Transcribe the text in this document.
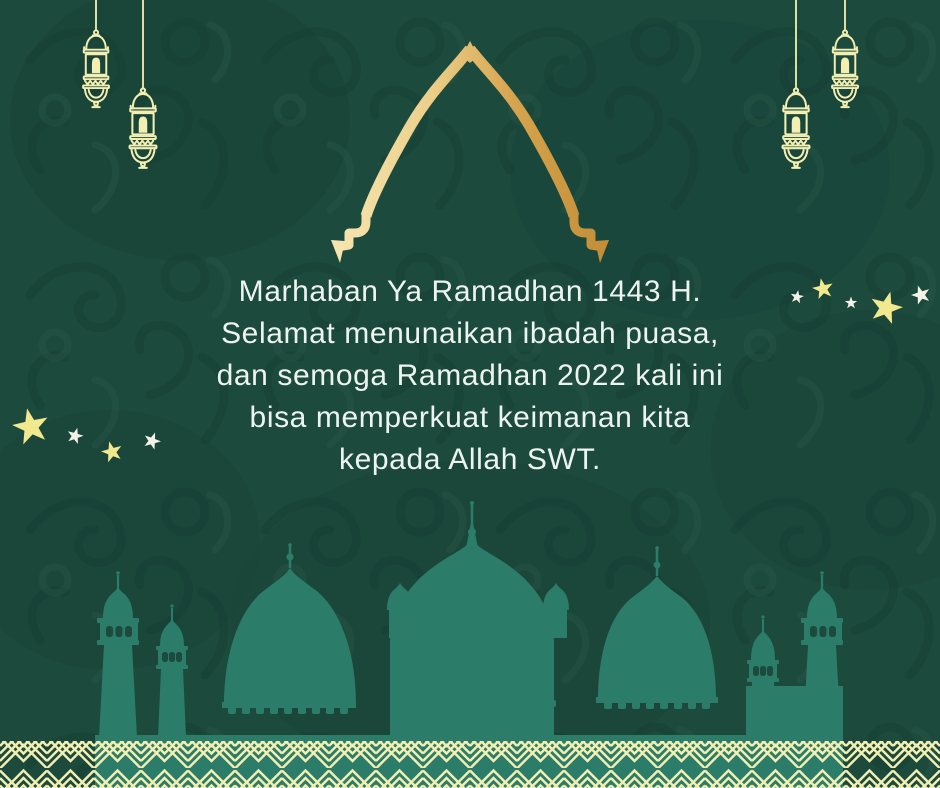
Marhaban Ya Ramadhan 1443 H.
Selamat menunaikan ibadah puasa,
dan semoga Ramadhan 2022 kali ini
bisa memperkuat keimanan kita
kepada Allah SWT.
